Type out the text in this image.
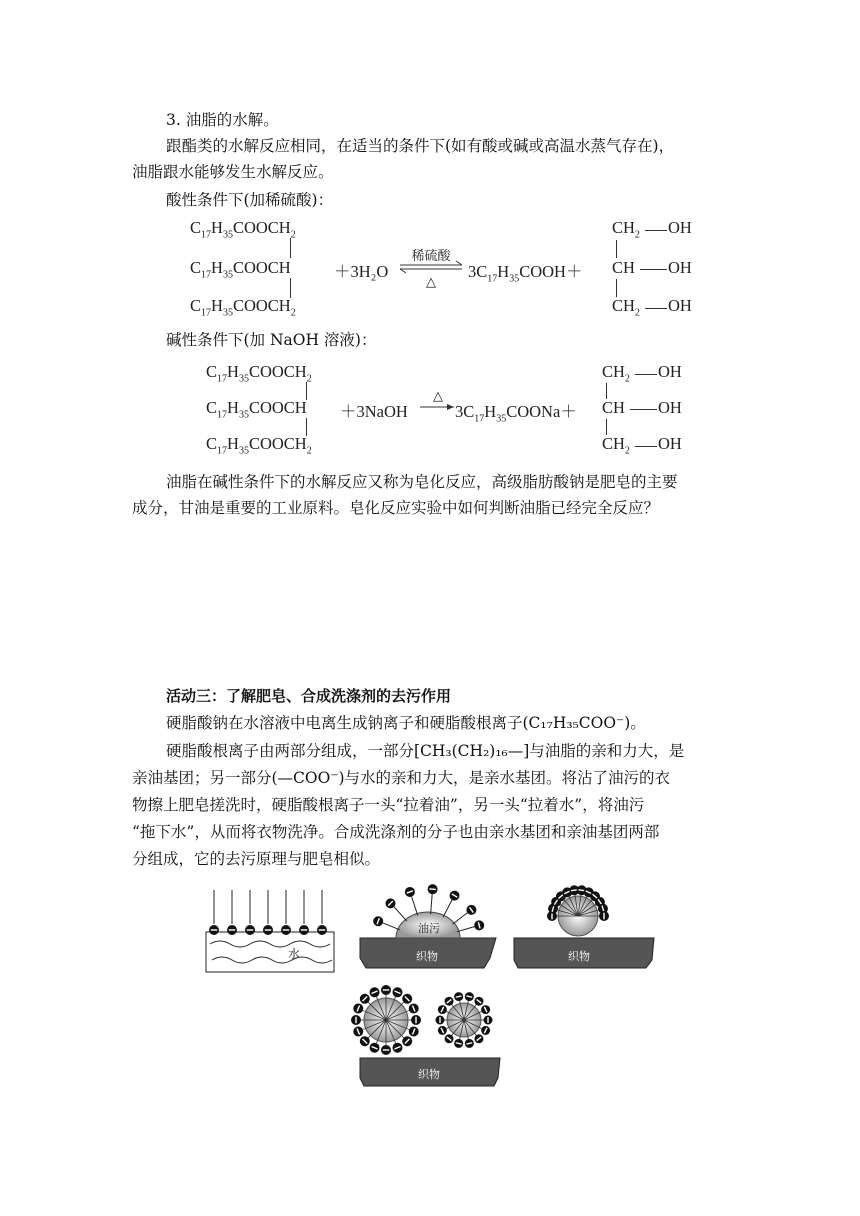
3. 油脂的水解。
跟酯类的水解反应相同，在适当的条件下(如有酸或碱或高温水蒸气存在)，
油脂跟水能够发生水解反应。
酸性条件下(加稀硫酸)：
$C_{17}H_{35}COOCH_2$
$C_{17}H_{35}COOCH$
$C_{17}H_{35}COOCH_2$
＋3H₂O
稀硫酸
△
$3C_{17}H_{35}COOH+$
$CH_2$ OH
CH OH
$CH_2$ OH
碱性条件下(加 NaOH 溶液)：
$C_{17}H_{35}COOCH_2$
$C_{17}H_{35}COOCH$
$C_{17}H_{35}COOCH_2$
＋3NaOH
△
$3C_{17}H_{35}COONa+$
$CH_2$ OH
CH OH
$CH_2$ OH
油脂在碱性条件下的水解反应又称为皂化反应，高级脂肪酸钠是肥皂的主要
成分，甘油是重要的工业原料。皂化反应实验中如何判断油脂已经完全反应？
活动三：了解肥皂、合成洗涤剂的去污作用
硬脂酸钠在水溶液中电离生成钠离子和硬脂酸根离子(C₁₇H₃₅COO⁻)。
硬脂酸根离子由两部分组成，一部分[CH₃(CH₂)₁₆—]与油脂的亲和力大，是
亲油基团；另一部分(—COO⁻)与水的亲和力大，是亲水基团。将沾了油污的衣
物擦上肥皂搓洗时，硬脂酸根离子一头“拉着油”，另一头“拉着水”，将油污
“拖下水”，从而将衣物洗净。合成洗涤剂的分子也由亲水基团和亲油基团两部
分组成，它的去污原理与肥皂相似。
水	织物
油污
织物
织物
